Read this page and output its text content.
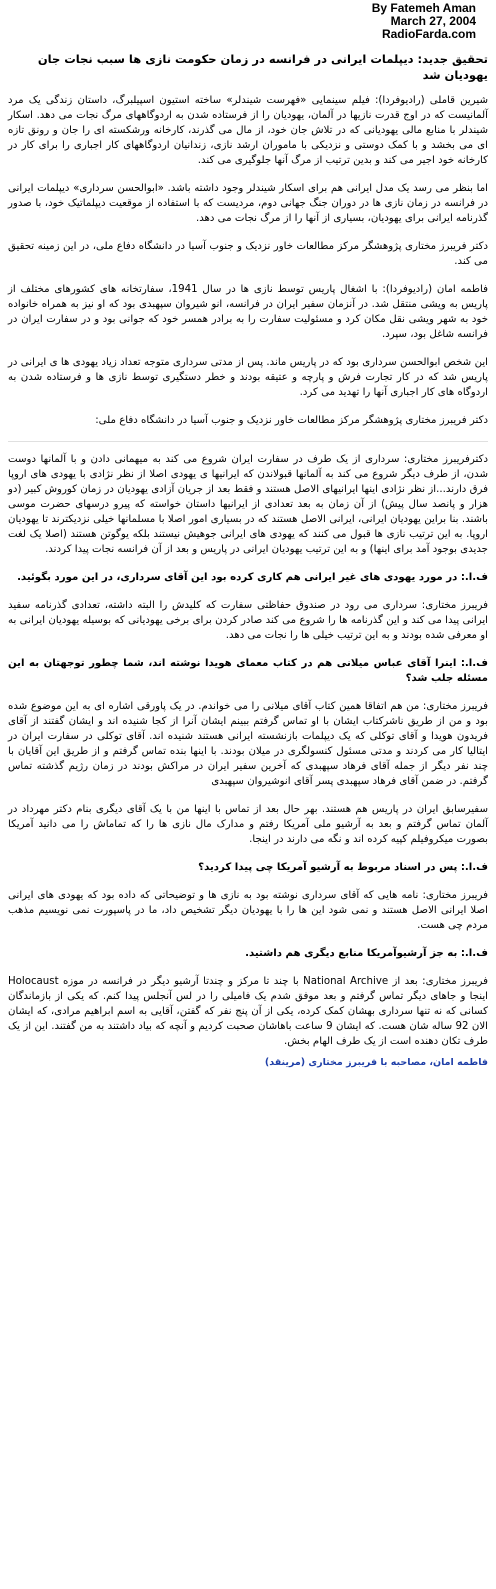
By Fatemeh Aman
March 27, 2004
RadioFarda.com
تحقیق جدید: دیپلمات ایرانی در فرانسه در زمان حکومت نازی ها سبب نجات جان یهودیان شد

شیرین قاملی (رادیوفردا): فیلم سینمایی «فهرست شیندلر» ساخته استیون اسپیلبرگ، داستان زندگی یک مرد آلمانیست که در اوج قدرت نازیها در آلمان، یهودیان را از فرستاده شدن به اردوگاههای مرگ نجات می دهد. اسکار شیندلر با منابع مالی یهودیانی که در تلاش جان خود، از مال می گذرند، کارخانه ورشکسته ای را جان و رونق تازه ای می بخشد و با کمک دوستی و نزدیکی با ماموران ارشد نازی، زندانیان اردوگاههای کار اجباری را برای کار در کارخانه خود اجیر می کند و بدین ترتیب از مرگ آنها جلوگیری می کند.

اما بنظر می رسد یک مدل ایرانی هم برای اسکار شیندلر وجود داشته باشد. «ابوالحسن سرداری» دیپلمات ایرانی در فرانسه در زمان نازی ها در دوران جنگ جهانی دوم، مردیست که با استفاده از موقعیت دیپلماتیک خود، با صدور گذرنامه ایرانی برای یهودیان، بسیاری از آنها را از مرگ نجات می دهد.

دکتر فریبرز مختاری پژوهشگر مرکز مطالعات خاور نزدیک و جنوب آسیا در دانشگاه دفاع ملی، در این زمینه تحقیق می کند.

فاطمه امان (رادیوفردا): با اشغال پاریس توسط نازی ها در سال 1941، سفارتخانه های کشورهای مختلف از پاریس به ویشی منتقل شد. در آنزمان سفیر ایران در فرانسه، انو شیروان سپهبدی بود که او نیز به همراه خانواده خود به شهر ویشی نقل مکان کرد و مسئولیت سفارت را به برادر همسر خود که جوانی بود و در سفارت ایران در فرانسه شاغل بود، سپرد.

این شخص ابوالحسن سرداری بود که در پاریس ماند. پس از مدتی سرداری متوجه تعداد زیاد یهودی ها ی ایرانی در پاریس شد که در کار تجارت فرش و پارچه و عتیقه بودند و خطر دستگیری توسط نازی ها و فرستاده شدن به اردوگاه های کار اجباری آنها را تهدید می کرد.

دکتر فریبرز مختاری پژوهشگر مرکز مطالعات خاور نزدیک و جنوب آسیا در دانشگاه دفاع ملی:

دکترفریبرز مختاری: سرداری از یک طرف در سفارت ایران شروع می کند به میهمانی دادن و با آلمانها دوست شدن، از طرف دیگر شروع می کند به آلمانها قبولاندن که ایرانیها ی یهودی اصلا از نظر نژادی با یهودی های اروپا فرق دارند...از نظر نژادی اینها ایرانیهای الاصل هستند و فقط بعد از جریان آزادی یهودیان در زمان کوروش کبیر (دو هزار و پانصد سال پیش) از آن زمان به بعد تعدادی از ایرانیها داستان خواسته که پیرو درسهای حضرت موسی باشند. بنا براین یهودیان ایرانی، ایرانی الاصل هستند که در بسیاری امور اصلا با مسلمانها خیلی نزدیکترند تا یهودیان اروپا. به این ترتیب نازی ها قبول می کنند که یهودی های ایرانی جوهیش نیستند بلکه یوگوتن هستند (اصلا یک لغت جدیدی بوجود آمد برای اینها) و به این ترتیب یهودیان ایرانی در پاریس و بعد از آن فرانسه نجات پیدا کردند.

ف.ا.: در مورد یهودی های غیر ایرانی هم کاری کرده بود این آقای سرداری، در این مورد بگوئید.

فریبرز مختاری: سرداری می رود در صندوق حفاظتی سفارت که کلیدش را البته داشته، تعدادی گذرنامه سفید ایرانی پیدا می کند و این گذرنامه ها را شروع می کند صادر کردن برای برخی یهودیانی که بوسیله یهودیان ایرانی به او معرفی شده بودند و به این ترتیب خیلی ها را نجات می دهد.

ف.ا.: اینرا آقای عباس میلانی هم در کتاب معمای هویدا نوشته اند، شما چطور توجهتان به این مسئله جلب شد؟

فریبرز مختاری: من هم اتفاقا همین کتاب آقای میلانی را می خواندم. در یک پاورقی اشاره ای به این موضوع شده بود و من از طریق ناشرکتاب ایشان با او تماس گرفتم ببینم ایشان آنرا از کجا شنیده اند و ایشان گفتند از آقای فریدون هویدا و آقای توکلی که یک دیپلمات بازنشسته ایرانی هستند شنیده اند. آقای توکلی در سفارت ایران در ایتالیا کار می کردند و مدتی مسئول کنسولگری در میلان بودند. با اینها بنده تماس گرفتم و از طریق این آقایان با چند نفر دیگر از جمله آقای فرهاد سپهبدی که آخرین سفیر ایران در مراکش بودند در زمان رژیم گذشته تماس گرفتم. در ضمن آقای فرهاد سپهبدی پسر آقای انوشیروان سپهبدی

سفیرسابق ایران در پاریس هم هستند. بهر حال بعد از تماس با اینها من با یک آقای دیگری بنام دکتر مهرداد در آلمان تماس گرفتم و بعد به آرشیو ملی آمریکا رفتم و مدارک مال نازی ها را که تماماش را می دانید آمریکا بصورت میکروفیلم کپیه کرده اند و نگه می دارند در اینجا.

ف.ا.: پس در اسناد مربوط به آرشیو آمریکا چی پیدا کردید؟

فریبرز مختاری: نامه هایی که آقای سرداری نوشته بود به نازی ها و توضیحاتی که داده بود که یهودی های ایرانی اصلا ایرانی الاصل هستند و نمی شود این ها را با یهودیان دیگر تشخیص داد، ما در پاسپورت نمی نویسیم مذهب مردم چی هست.

ف.ا.: به جز آرشیوآمریکا منابع دیگری هم داشتید.

فریبرز مختاری: بعد از National Archive با چند تا مرکز و چندتا آرشیو دیگر در فرانسه در موزه Holocaust اینجا و جاهای دیگر تماس گرفتم و بعد موفق شدم یک فامیلی را در لس آنجلس پیدا کنم. که یکی از بازماندگان کسانی که نه تنها سرداری بهشان کمک کرده، یکی از آن پنج نفر که گفتن، آقایی به اسم ابراهیم مرادی، که ایشان الان 92 ساله شان هست. که ایشان 9 ساعت باهاشان صحبت کردیم و آنچه که بیاد داشتند به من گفتند. این از یک طرف تکان دهنده است از یک طرف الهام بخش.

فاطمه امان، مصاحبه با فریبرز مختاری (مرینقد)
